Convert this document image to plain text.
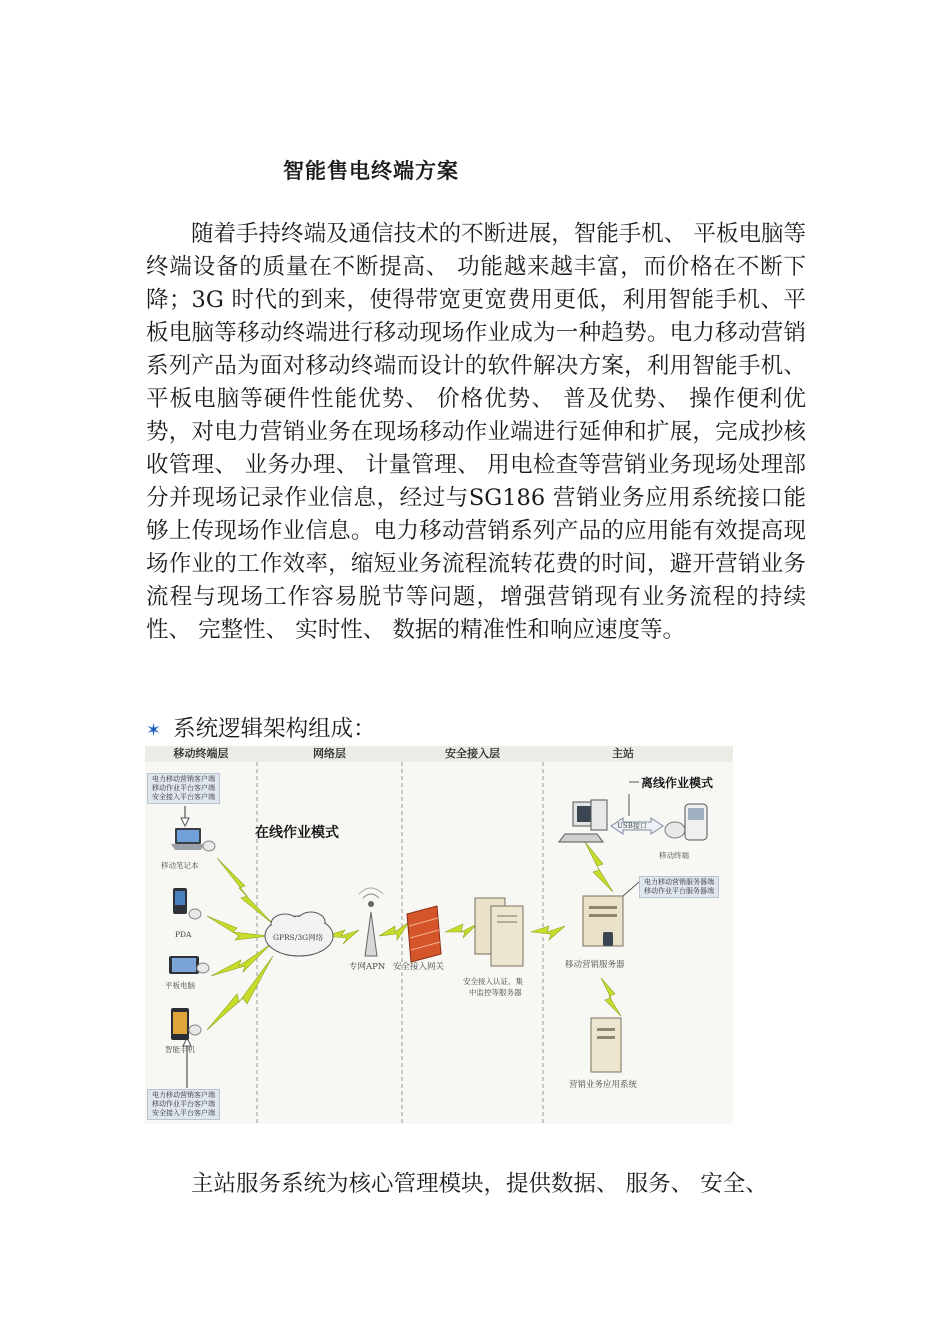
智能售电终端方案

随着手持终端及通信技术的不断进展，智能手机、 平板电脑等终端设备的质量在不断提高、 功能越来越丰富，而价格在不断下降；3G 时代的到来，使得带宽更宽费用更低，利用智能手机、平板电脑等移动终端进行移动现场作业成为一种趋势。电力移动营销系列产品为面对移动终端而设计的软件解决方案，利用智能手机、 平板电脑等硬件性能优势、 价格优势、 普及优势、 操作便利优势，对电力营销业务在现场移动作业端进行延伸和扩展，完成抄核收管理、 业务办理、 计量管理、 用电检查等营销业务现场处理部分并现场记录作业信息，经过与SG186 营销业务应用系统接口能够上传现场作业信息。电力移动营销系列产品的应用能有效提高现场作业的工作效率，缩短业务流程流转花费的时间，避开营销业务流程与现场工作容易脱节等问题，增强营销现有业务流程的持续性、 完整性、 实时性、 数据的精准性和响应速度等。

✶ 系统逻辑架构组成：
移动终端层	网络层	安全接入层	主站
电力移动营销客户端
移动作业平台客户端
安全接入平台客户端
电力移动营销客户端
移动作业平台客户端
安全接入平台客户端
移动笔记本
PDA
平板电脑
智能手机
在线作业模式
离线作业模式
GPRS/3G网络
专网APN 安全接入网关
安全接入认证、集
中监控等服务器
USB接口
移动终端
电力移动营销服务器端
移动作业平台服务器端
移动营销服务器
营销业务应用系统

主站服务系统为核心管理模块，提供数据、 服务、 安全、
